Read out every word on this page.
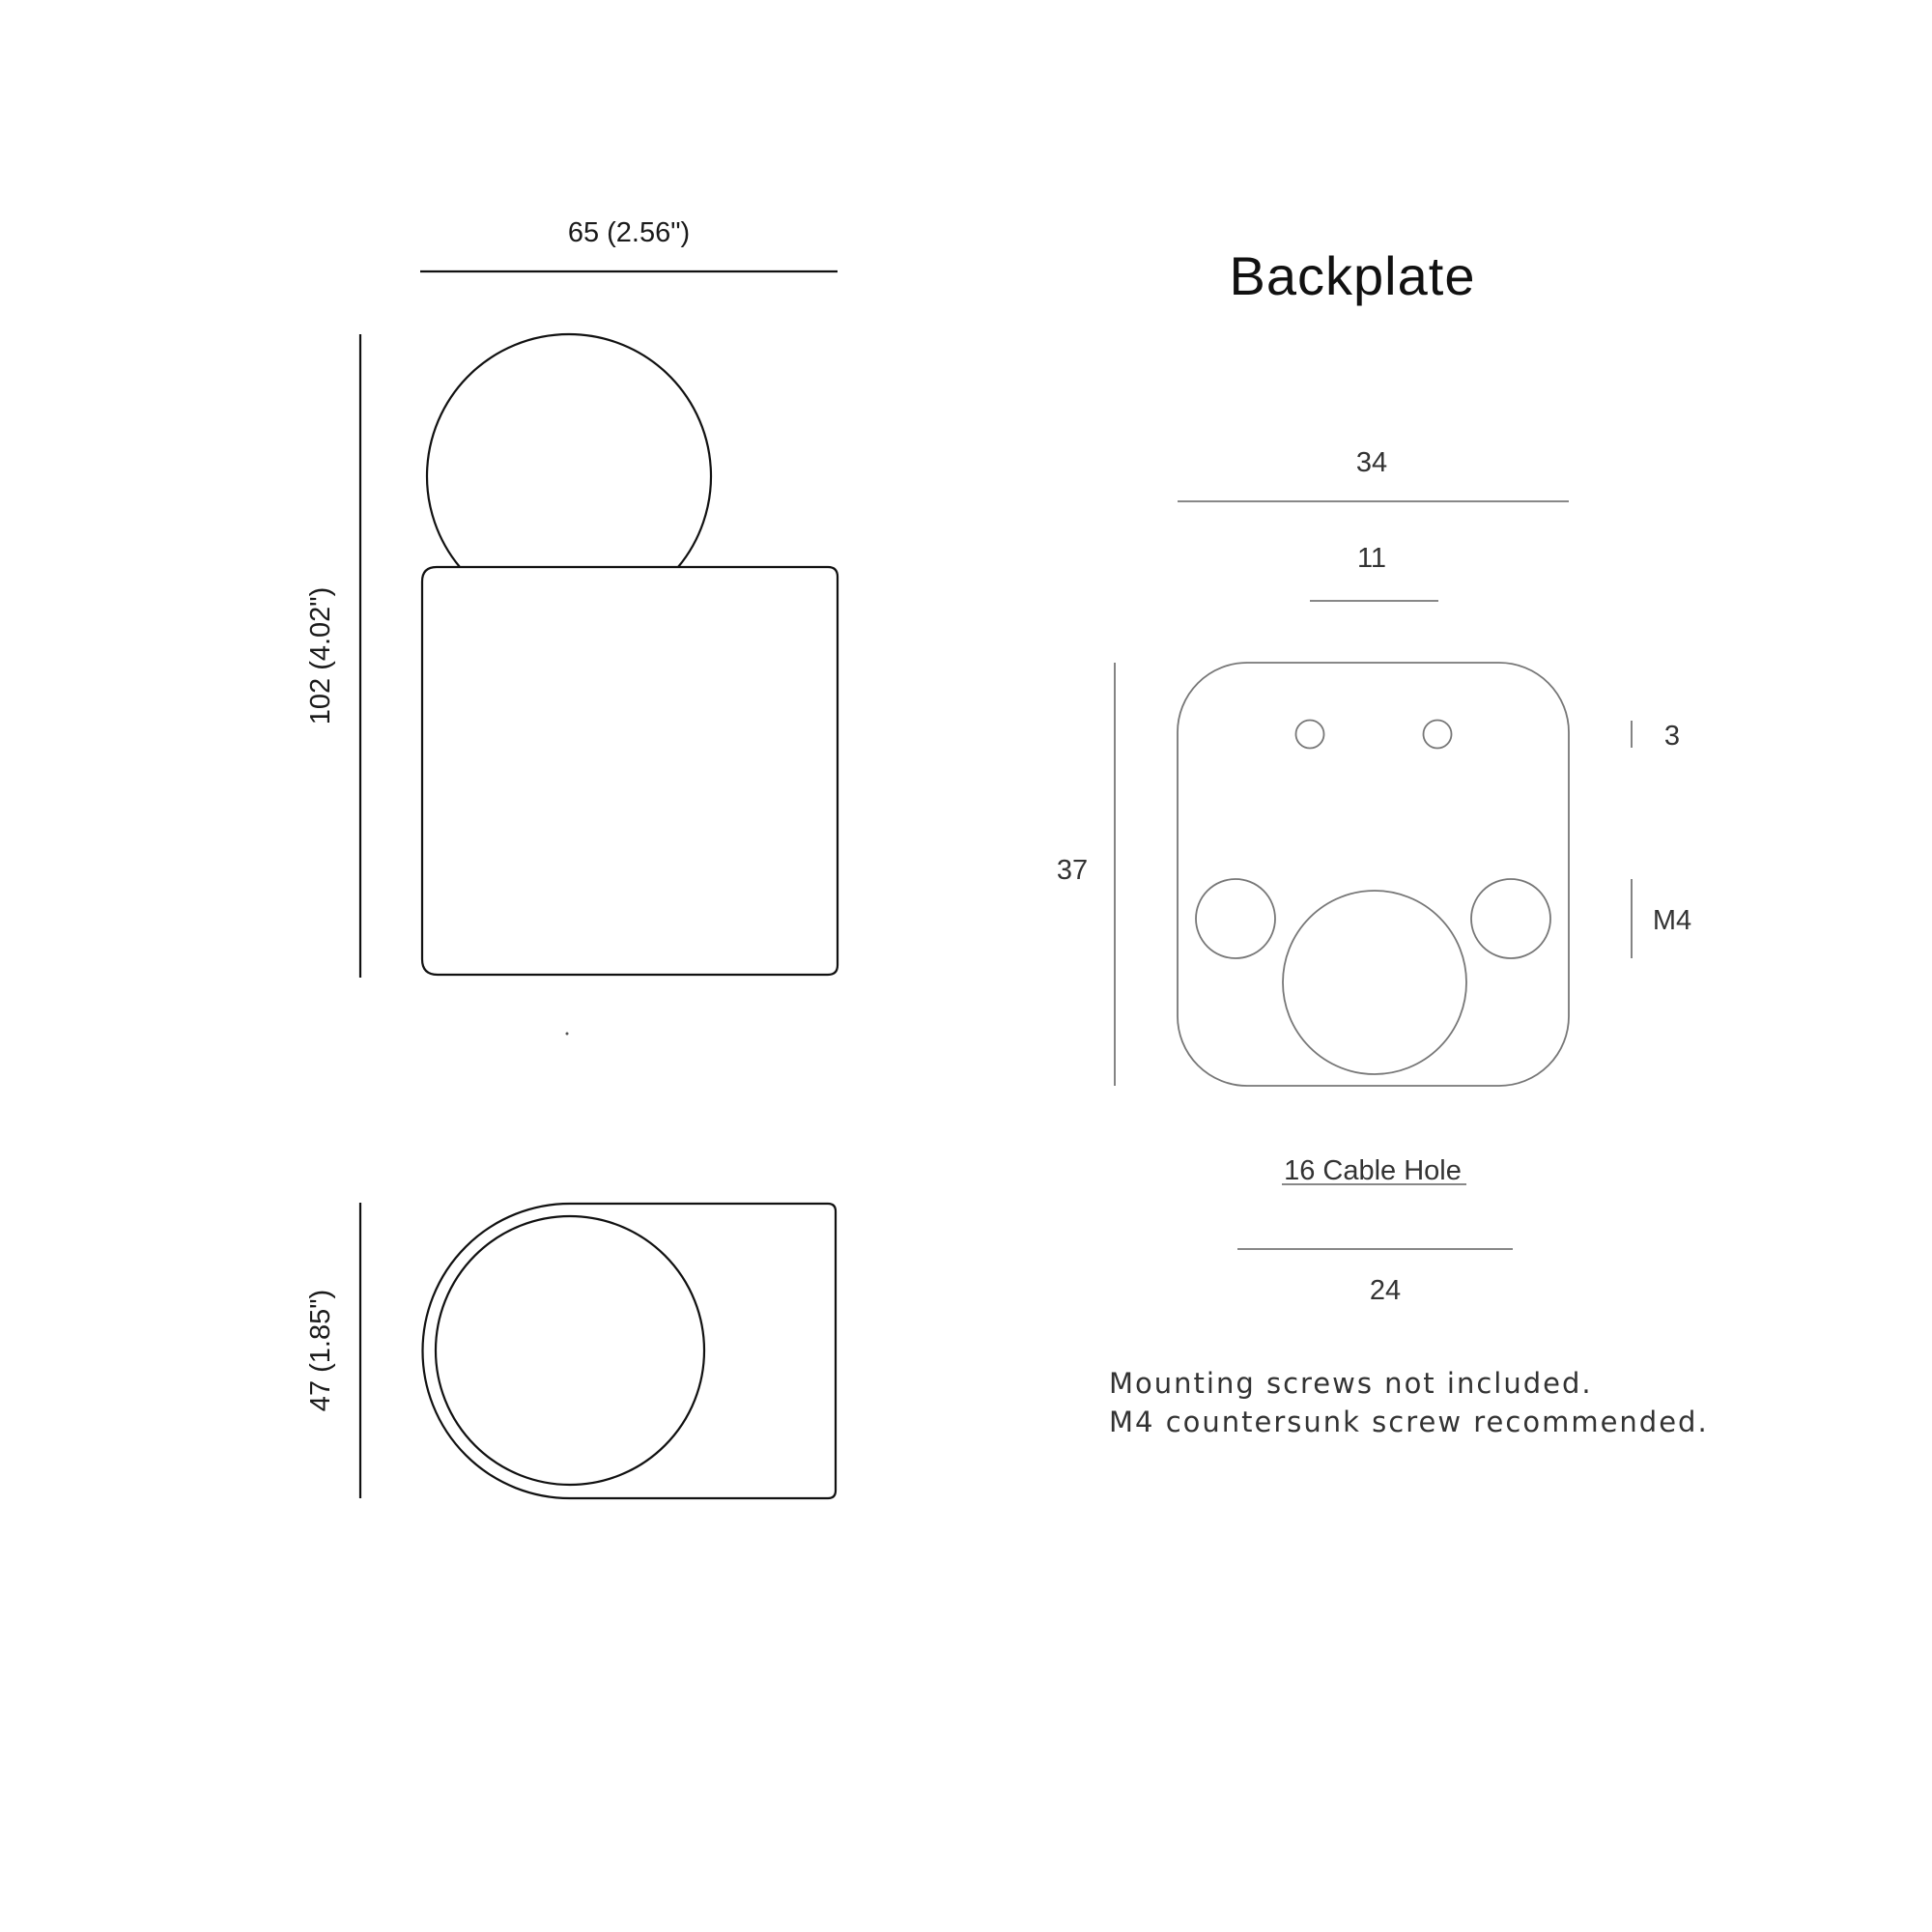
65 (2.56")
102 (4.02")
47 (1.85")
Backplate
34
11
37
3
M4
16 Cable Hole
24
Mounting screws not included.
M4 countersunk screw recommended.
